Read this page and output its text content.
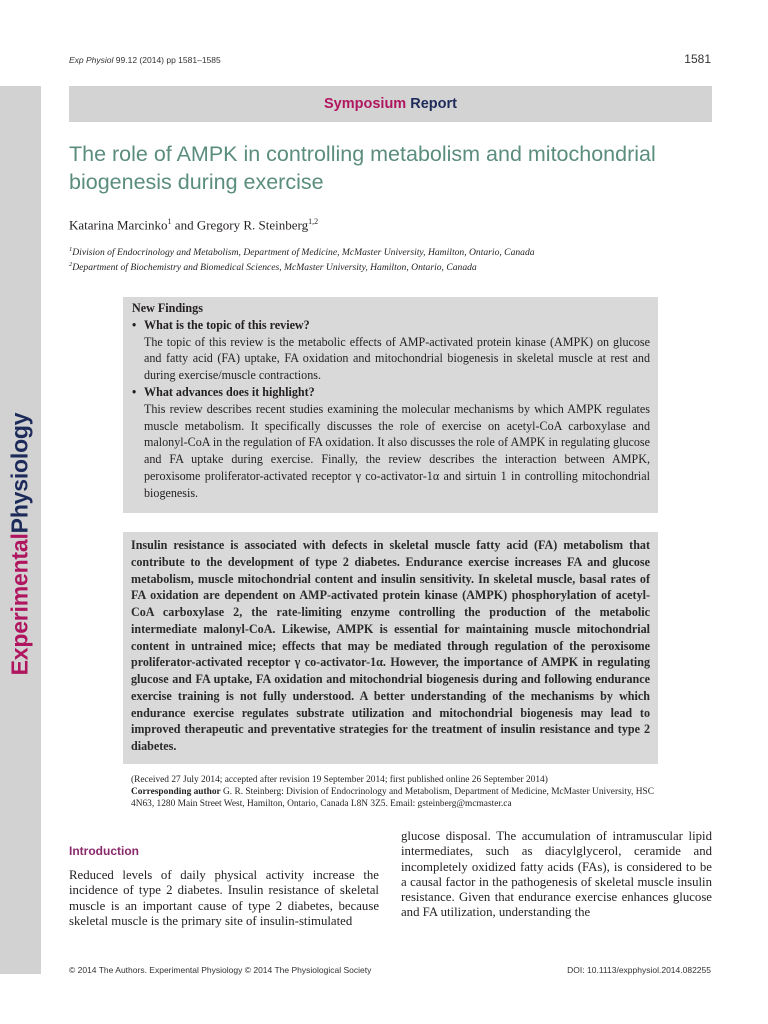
Exp Physiol 99.12 (2014) pp 1581–1585	1581
ExperimentalPhysiology
Symposium Report
The role of AMPK in controlling metabolism and mitochondrial biogenesis during exercise
Katarina Marcinko$^1$ and Gregory R. Steinberg$^{1,2}$
$^1$Division of Endocrinology and Metabolism, Department of Medicine, McMaster University, Hamilton, Ontario, Canada
$^2$Department of Biochemistry and Biomedical Sciences, McMaster University, Hamilton, Ontario, Canada
New Findings
• What is the topic of this review?
The topic of this review is the metabolic effects of AMP-activated protein kinase (AMPK) on glucose and fatty acid (FA) uptake, FA oxidation and mitochondrial biogenesis in skeletal muscle at rest and during exercise/muscle contractions.
• What advances does it highlight?
This review describes recent studies examining the molecular mechanisms by which AMPK regulates muscle metabolism. It specifically discusses the role of exercise on acetyl-CoA carboxylase and malonyl-CoA in the regulation of FA oxidation. It also discusses the role of AMPK in regulating glucose and FA uptake during exercise. Finally, the review describes the interaction between AMPK, peroxisome proliferator-activated receptor γ co-activator-1α and sirtuin 1 in controlling mitochondrial biogenesis.
Insulin resistance is associated with defects in skeletal muscle fatty acid (FA) metabolism that contribute to the development of type 2 diabetes. Endurance exercise increases FA and glucose metabolism, muscle mitochondrial content and insulin sensitivity. In skeletal muscle, basal rates of FA oxidation are dependent on AMP-activated protein kinase (AMPK) phosphorylation of acetyl-CoA carboxylase 2, the rate-limiting enzyme controlling the production of the metabolic intermediate malonyl-CoA. Likewise, AMPK is essential for maintaining muscle mitochondrial content in untrained mice; effects that may be mediated through regulation of the peroxisome proliferator-activated receptor γ co-activator-1α. However, the importance of AMPK in regulating glucose and FA uptake, FA oxidation and mitochondrial biogenesis during and following endurance exercise training is not fully understood. A better understanding of the mechanisms by which endurance exercise regulates substrate utilization and mitochondrial biogenesis may lead to improved therapeutic and preventative strategies for the treatment of insulin resistance and type 2 diabetes.
(Received 27 July 2014; accepted after revision 19 September 2014; first published online 26 September 2014)
Corresponding author G. R. Steinberg: Division of Endocrinology and Metabolism, Department of Medicine, McMaster University, HSC 4N63, 1280 Main Street West, Hamilton, Ontario, Canada L8N 3Z5. Email: gsteinberg@mcmaster.ca
Introduction
Reduced levels of daily physical activity increase the incidence of type 2 diabetes. Insulin resistance of skeletal muscle is an important cause of type 2 diabetes, because skeletal muscle is the primary site of insulin-stimulated
glucose disposal. The accumulation of intramuscular lipid intermediates, such as diacylglycerol, ceramide and incompletely oxidized fatty acids (FAs), is considered to be a causal factor in the pathogenesis of skeletal muscle insulin resistance. Given that endurance exercise enhances glucose and FA utilization, understanding the
© 2014 The Authors. Experimental Physiology © 2014 The Physiological Society	DOI: 10.1113/expphysiol.2014.082255
